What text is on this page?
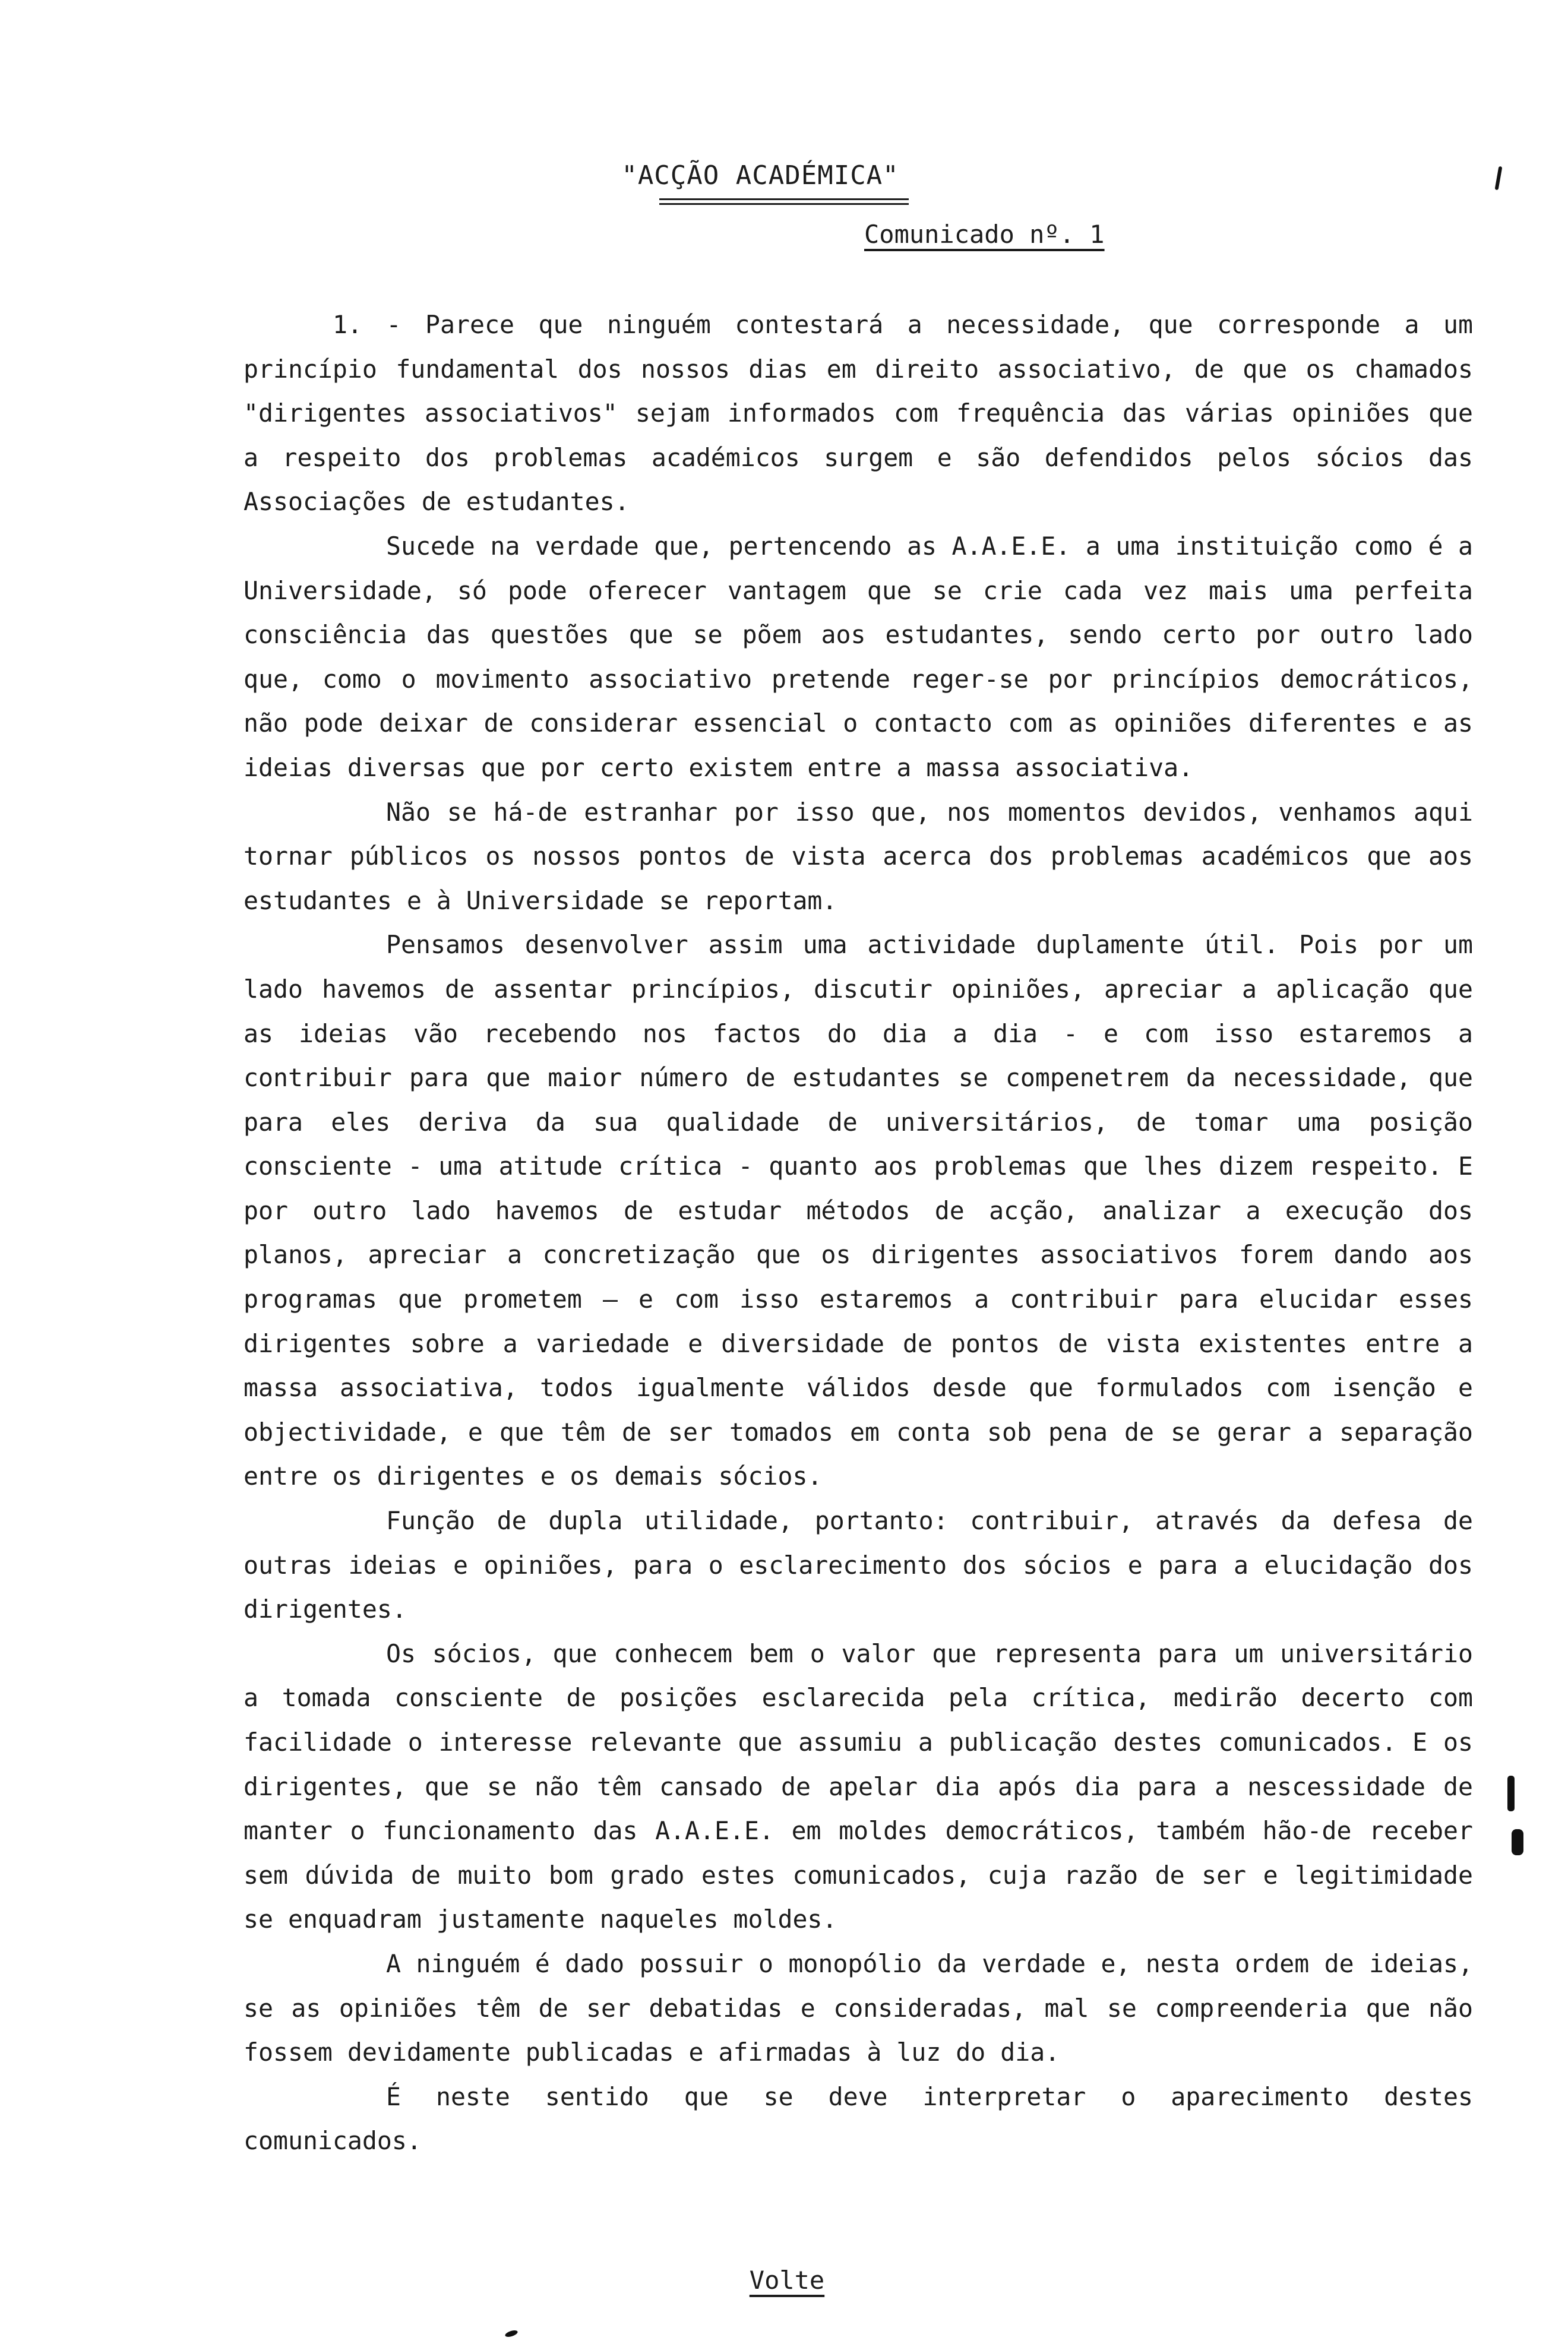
"ACÇÃO ACADÉMICA"
Comunicado nº. 1

1. - Parece que ninguém contestará a necessidade, que corresponde a um princípio fundamental dos nossos dias em direito associativo, de que os chamados "dirigentes associativos" sejam informados com frequência das várias opiniões que a respeito dos problemas académicos surgem e são defendidos pelos sócios das Associações de estudantes.

Sucede na verdade que, pertencendo as A.A.E.E. a uma instituição como é a Universidade, só pode oferecer vantagem que se crie cada vez mais uma perfeita consciência das questões que se põem aos estudantes, sendo certo por outro lado que, como o movimento associativo pretende reger-se por princípios democráticos, não pode deixar de considerar essencial o contacto com as opiniões diferentes e as ideias diversas que por certo existem entre a massa associativa.

Não se há-de estranhar por isso que, nos momentos devidos, venhamos aqui tornar públicos os nossos pontos de vista acerca dos problemas académicos que aos estudantes e à Universidade se reportam.

Pensamos desenvolver assim uma actividade duplamente útil. Pois por um lado havemos de assentar princípios, discutir opiniões, apreciar a aplicação que as ideias vão recebendo nos factos do dia a dia - e com isso estaremos a contribuir para que maior número de estudantes se compenetrem da necessidade, que para eles deriva da sua qualidade de universitários, de tomar uma posição consciente - uma atitude crítica - quanto aos problemas que lhes dizem respeito. E por outro lado havemos de estudar métodos de acção, analizar a execução dos planos, apreciar a concretização que os dirigentes associativos forem dando aos programas que prometem — e com isso estaremos a contribuir para elucidar esses dirigentes sobre a variedade e diversidade de pontos de vista existentes entre a massa associativa, todos igualmente válidos desde que formulados com isenção e objectividade, e que têm de ser tomados em conta sob pena de se gerar a separação entre os dirigentes e os demais sócios.

Função de dupla utilidade, portanto: contribuir, através da defesa de outras ideias e opiniões, para o esclarecimento dos sócios e para a elucidação dos dirigentes.

Os sócios, que conhecem bem o valor que representa para um universitário a tomada consciente de posições esclarecida pela crítica, medirão decerto com facilidade o interesse relevante que assumiu a publicação destes comunicados. E os dirigentes, que se não têm cansado de apelar dia após dia para a nescessidade de manter o funcionamento das A.A.E.E. em moldes democráticos, também hão-de receber sem dúvida de muito bom grado estes comunicados, cuja razão de ser e legitimidade se enquadram justamente naqueles moldes.

A ninguém é dado possuir o monopólio da verdade e, nesta ordem de ideias, se as opiniões têm de ser debatidas e consideradas, mal se compreenderia que não fossem devidamente publicadas e afirmadas à luz do dia.

É neste sentido que se deve interpretar o aparecimento destes comunicados.

Volte
